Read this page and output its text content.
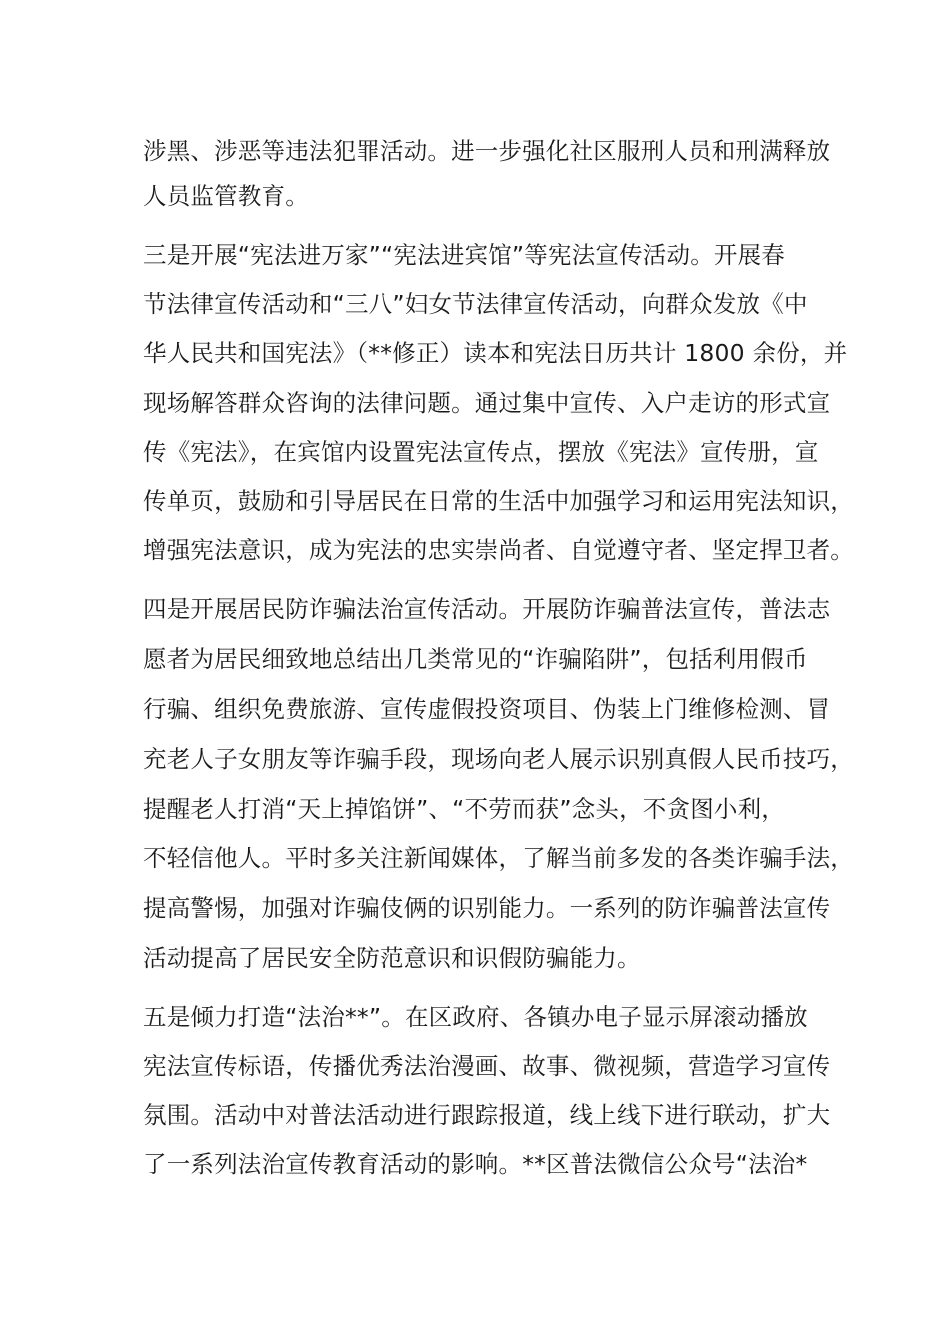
涉黑、涉恶等违法犯罪活动。进一步强化社区服刑人员和刑满释放
人员监管教育。
三是开展“宪法进万家”“宪法进宾馆”等宪法宣传活动。开展春
节法律宣传活动和“三八”妇女节法律宣传活动，向群众发放《中
华人民共和国宪法》（**修正）读本和宪法日历共计 1800 余份，并
现场解答群众咨询的法律问题。通过集中宣传、入户走访的形式宣
传《宪法》，在宾馆内设置宪法宣传点，摆放《宪法》宣传册，宣
传单页，鼓励和引导居民在日常的生活中加强学习和运用宪法知识，
增强宪法意识，成为宪法的忠实崇尚者、自觉遵守者、坚定捍卫者。
四是开展居民防诈骗法治宣传活动。开展防诈骗普法宣传，普法志
愿者为居民细致地总结出几类常见的“诈骗陷阱”，包括利用假币
行骗、组织免费旅游、宣传虚假投资项目、伪装上门维修检测、冒
充老人子女朋友等诈骗手段，现场向老人展示识别真假人民币技巧，
提醒老人打消“天上掉馅饼”、“不劳而获”念头，不贪图小利，
不轻信他人。平时多关注新闻媒体，了解当前多发的各类诈骗手法，
提高警惕，加强对诈骗伎俩的识别能力。一系列的防诈骗普法宣传
活动提高了居民安全防范意识和识假防骗能力。
五是倾力打造“法治**”。在区政府、各镇办电子显示屏滚动播放
宪法宣传标语，传播优秀法治漫画、故事、微视频，营造学习宣传
氛围。活动中对普法活动进行跟踪报道，线上线下进行联动，扩大
了一系列法治宣传教育活动的影响。**区普法微信公众号“法治*
